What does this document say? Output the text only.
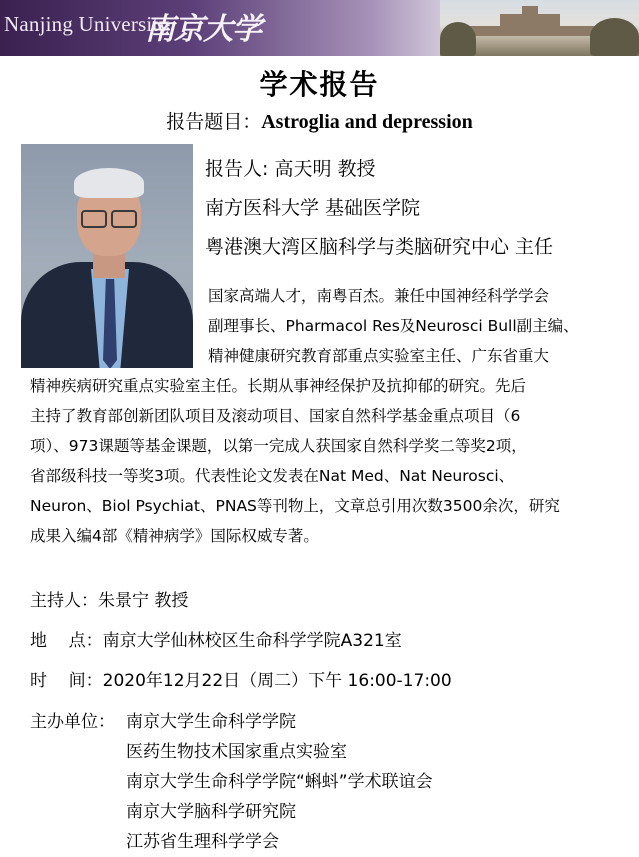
Nanjing University
南京大学
学术报告
报告题目：Astroglia and depression
报告人: 高天明 教授
南方医科大学 基础医学院
粤港澳大湾区脑科学与类脑研究中心 主任

国家高端人才，南粤百杰。兼任中国神经科学学会

副理事长、Pharmacol Res及Neurosci Bull副主编、

精神健康研究教育部重点实验室主任、广东省重大

精神疾病研究重点实验室主任。长期从事神经保护及抗抑郁的研究。先后

主持了教育部创新团队项目及滚动项目、国家自然科学基金重点项目（6

项）、973课题等基金课题，以第一完成人获国家自然科学奖二等奖2项，

省部级科技一等奖3项。代表性论文发表在Nat Med、Nat Neurosci、

Neuron、Biol Psychiat、PNAS等刊物上，文章总引用次数3500余次，研究

成果入编4部《精神病学》国际权威专著。

主持人：朱景宁 教授
地    点：南京大学仙林校区生命科学学院A321室
时    间：2020年12月22日（周二）下午 16:00-17:00
主办单位： 南京大学生命科学学院
医药生物技术国家重点实验室
南京大学生命科学学院“蝌蚪”学术联谊会
南京大学脑科学研究院
江苏省生理科学学会
